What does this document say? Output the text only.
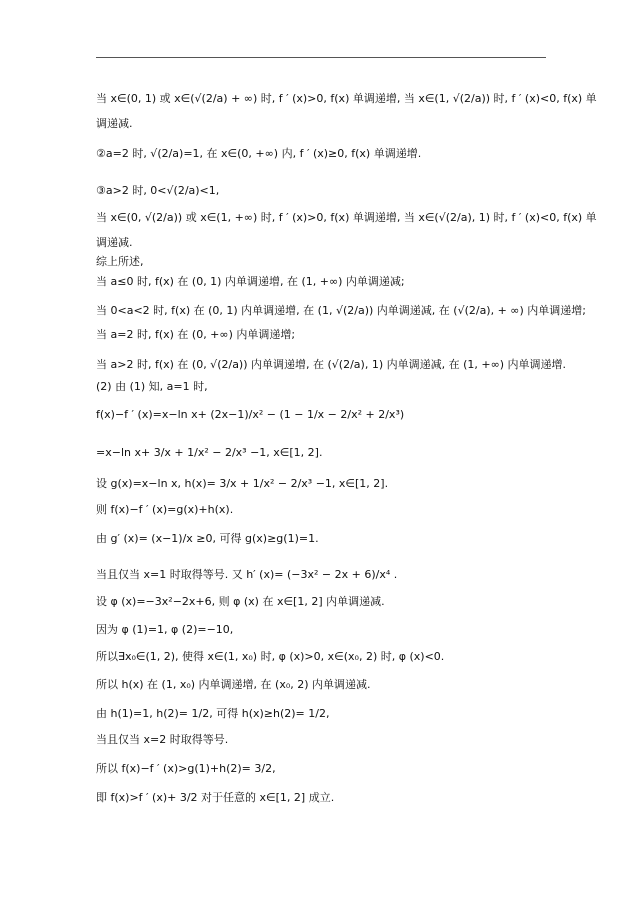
当 x∈(0, 1) 或 x∈(√(2/a) + ∞) 时, f ′ (x)>0, f(x) 单调递增, 当 x∈(1, √(2/a)) 时, f ′ (x)<0, f(x) 单
调递减.
②a=2 时, √(2/a)=1, 在 x∈(0, +∞) 内, f ′ (x)≥0, f(x) 单调递增.
③a>2 时, 0<√(2/a)<1,
当 x∈(0, √(2/a)) 或 x∈(1, +∞) 时, f ′ (x)>0, f(x) 单调递增, 当 x∈(√(2/a), 1) 时, f ′ (x)<0, f(x) 单
调递减.
综上所述,
当 a≤0 时, f(x) 在 (0, 1) 内单调递增, 在 (1, +∞) 内单调递减;
当 0<a<2 时, f(x) 在 (0, 1) 内单调递增, 在 (1, √(2/a)) 内单调递减, 在 (√(2/a), + ∞) 内单调递增;
当 a=2 时, f(x) 在 (0, +∞) 内单调递增;
当 a>2 时, f(x) 在 (0, √(2/a)) 内单调递增, 在 (√(2/a), 1) 内单调递减, 在 (1, +∞) 内单调递增.
(2) 由 (1) 知, a=1 时,
f(x)−f ′ (x)=x−ln x+ (2x−1)/x² − (1 − 1/x − 2/x² + 2/x³)
=x−ln x+ 3/x + 1/x² − 2/x³ −1, x∈[1, 2].
设 g(x)=x−ln x, h(x)= 3/x + 1/x² − 2/x³ −1, x∈[1, 2].
则 f(x)−f ′ (x)=g(x)+h(x).
由 g′ (x)= (x−1)/x ≥0, 可得 g(x)≥g(1)=1.
当且仅当 x=1 时取得等号. 又 h′ (x)= (−3x² − 2x + 6)/x⁴ .
设 φ (x)=−3x²−2x+6, 则 φ (x) 在 x∈[1, 2] 内单调递减.
因为 φ (1)=1, φ (2)=−10,
所以∃x₀∈(1, 2), 使得 x∈(1, x₀) 时, φ (x)>0, x∈(x₀, 2) 时, φ (x)<0.
所以 h(x) 在 (1, x₀) 内单调递增, 在 (x₀, 2) 内单调递减.
由 h(1)=1, h(2)= 1/2, 可得 h(x)≥h(2)= 1/2,
当且仅当 x=2 时取得等号.
所以 f(x)−f ′ (x)>g(1)+h(2)= 3/2,
即 f(x)>f ′ (x)+ 3/2 对于任意的 x∈[1, 2] 成立.
